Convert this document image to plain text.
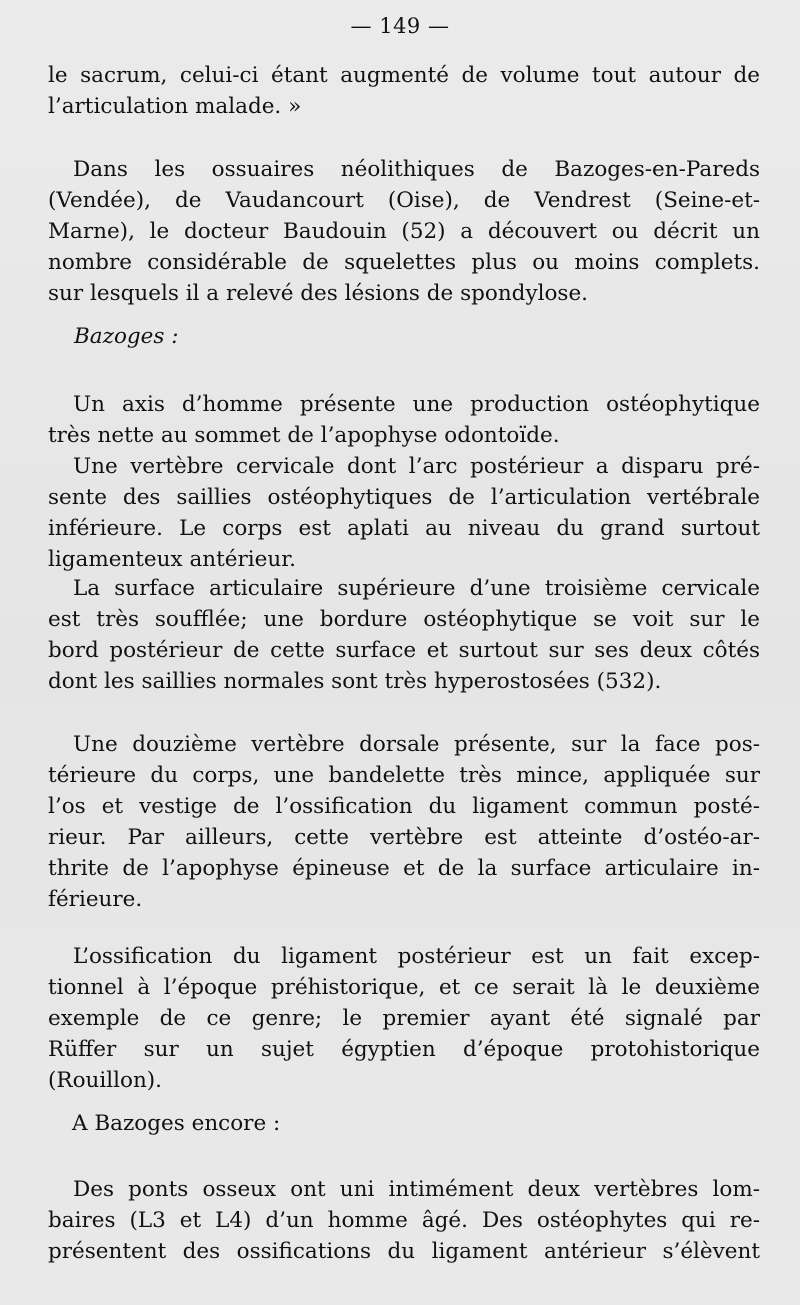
— 149 —
le sacrum, celui-ci étant augmenté de volume tout autour de
l’articulation malade. »
Dans les ossuaires néolithiques de Bazoges-en-Pareds
(Vendée), de Vaudancourt (Oise), de Vendrest (Seine-et-
Marne), le docteur Baudouin (52) a découvert ou décrit un
nombre considérable de squelettes plus ou moins complets.
sur lesquels il a relevé des lésions de spondylose.
Bazoges :
Un axis d’homme présente une production ostéophytique
très nette au sommet de l’apophyse odontoïde.
Une vertèbre cervicale dont l’arc postérieur a disparu pré-
sente des saillies ostéophytiques de l’articulation vertébrale
inférieure. Le corps est aplati au niveau du grand surtout
ligamenteux antérieur.
La surface articulaire supérieure d’une troisième cervicale
est très soufflée; une bordure ostéophytique se voit sur le
bord postérieur de cette surface et surtout sur ses deux côtés
dont les saillies normales sont très hyperostosées (532).
Une douzième vertèbre dorsale présente, sur la face pos-
térieure du corps, une bandelette très mince, appliquée sur
l’os et vestige de l’ossification du ligament commun posté-
rieur. Par ailleurs, cette vertèbre est atteinte d’ostéo-ar-
thrite de l’apophyse épineuse et de la surface articulaire in-
férieure.
L’ossification du ligament postérieur est un fait excep-
tionnel à l’époque préhistorique, et ce serait là le deuxième
exemple de ce genre; le premier ayant été signalé par
Rüffer sur un sujet égyptien d’époque protohistorique
(Rouillon).
A Bazoges encore :
Des ponts osseux ont uni intimément deux vertèbres lom-
baires (L3 et L4) d’un homme âgé. Des ostéophytes qui re-
présentent des ossifications du ligament antérieur s’élèvent
